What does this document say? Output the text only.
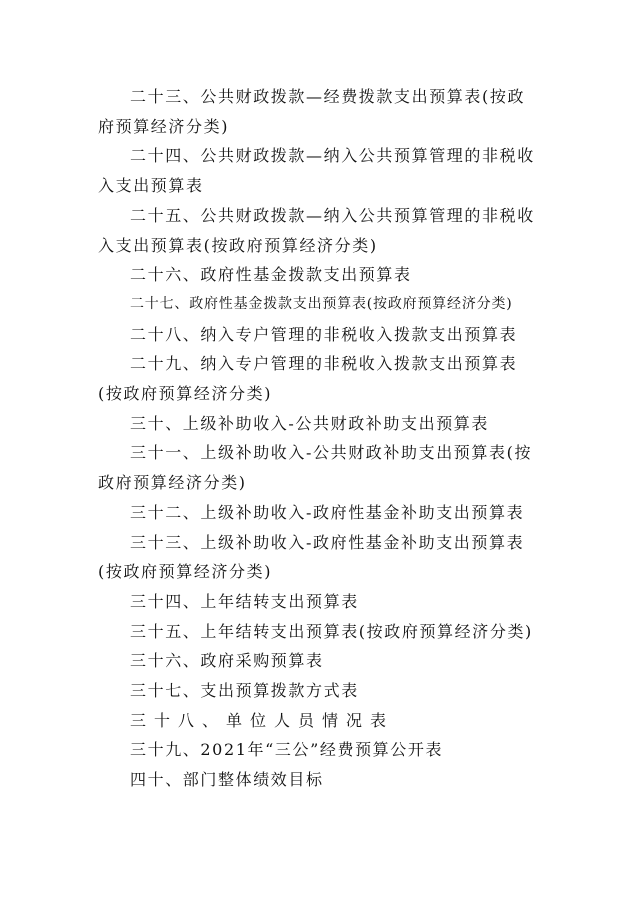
二十三、公共财政拨款—经费拨款支出预算表(按政府预算经济分类)
二十四、公共财政拨款—纳入公共预算管理的非税收入支出预算表
二十五、公共财政拨款—纳入公共预算管理的非税收入支出预算表(按政府预算经济分类)
二十六、政府性基金拨款支出预算表
二十七、政府性基金拨款支出预算表(按政府预算经济分类)
二十八、纳入专户管理的非税收入拨款支出预算表
二十九、纳入专户管理的非税收入拨款支出预算表(按政府预算经济分类)
三十、上级补助收入-公共财政补助支出预算表
三十一、上级补助收入-公共财政补助支出预算表(按政府预算经济分类)
三十二、上级补助收入-政府性基金补助支出预算表
三十三、上级补助收入-政府性基金补助支出预算表(按政府预算经济分类)
三十四、上年结转支出预算表
三十五、上年结转支出预算表(按政府预算经济分类)
三十六、政府采购预算表
三十七、支出预算拨款方式表
三十八、单位人员情况表
三十九、2021年“三公”经费预算公开表
四十、部门整体绩效目标
